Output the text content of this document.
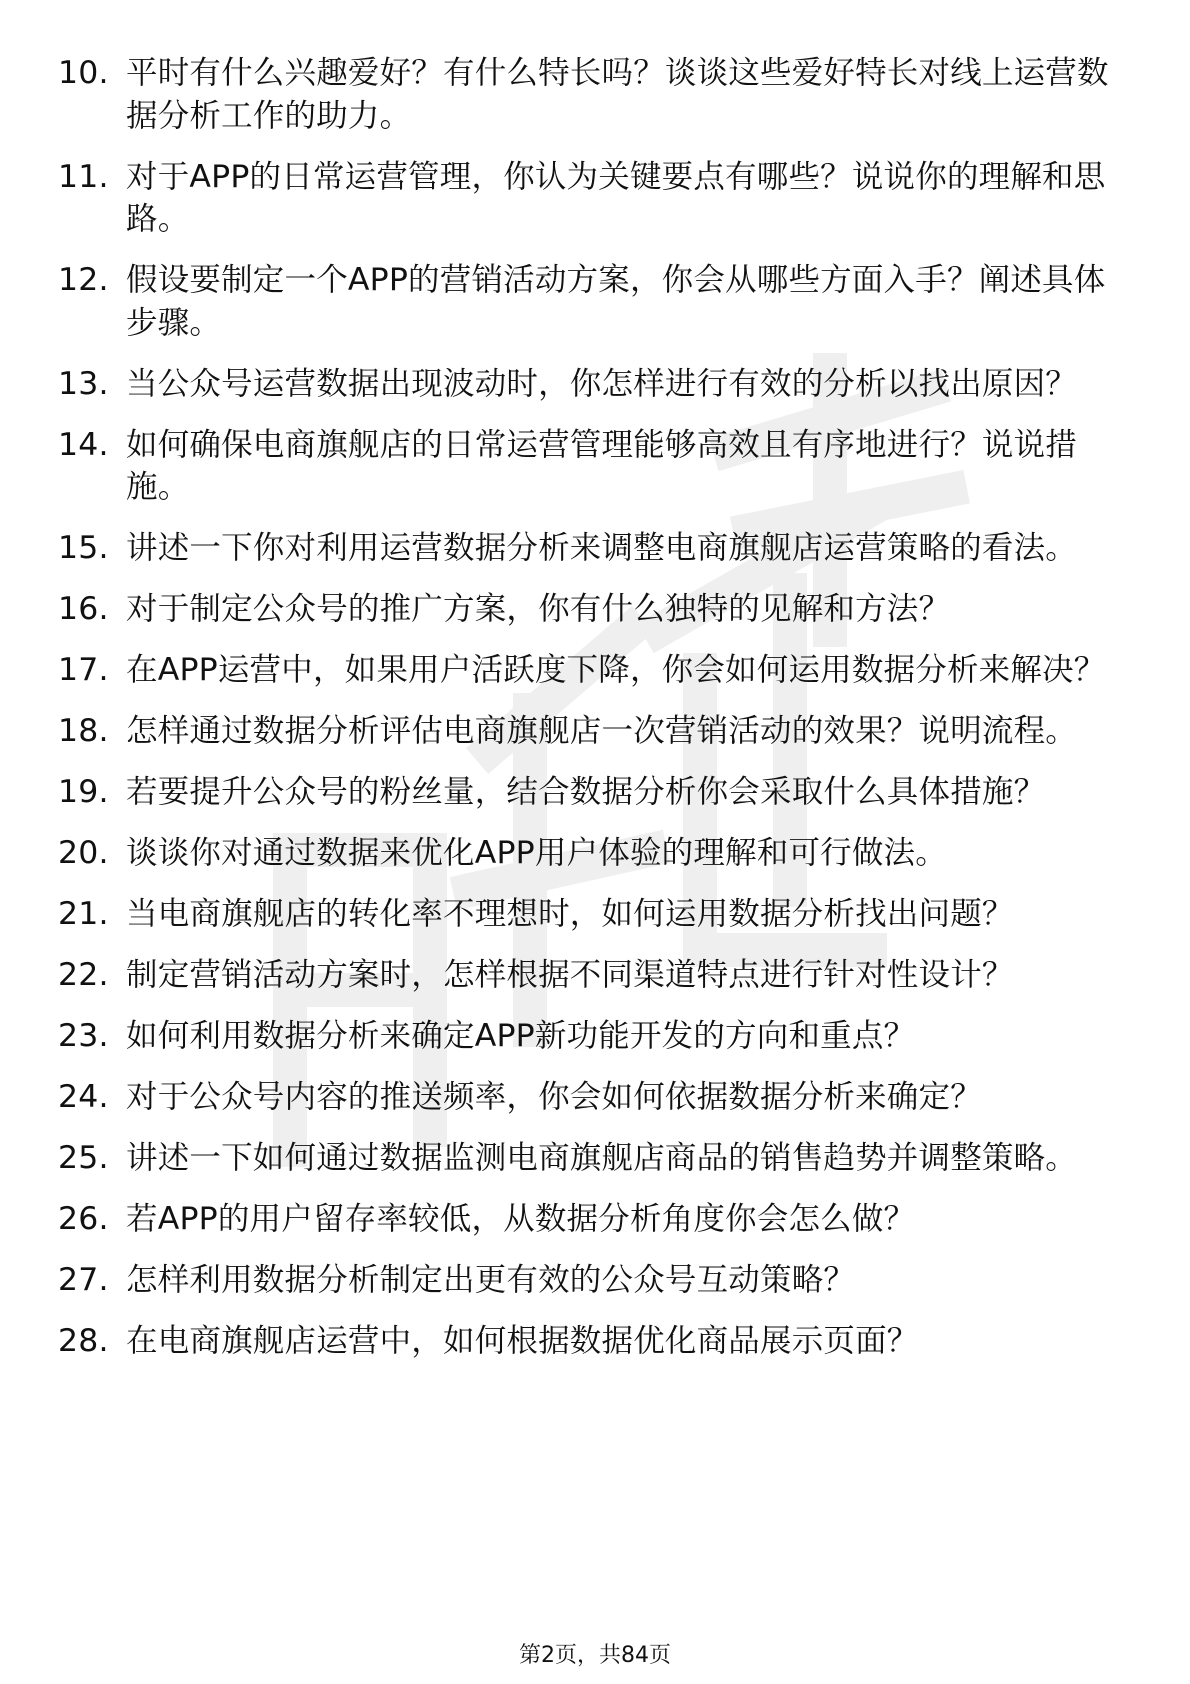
10. 平时有什么兴趣爱好？有什么特长吗？谈谈这些爱好特长对线上运营数据分析工作的助力。
11. 对于APP的日常运营管理，你认为关键要点有哪些？说说你的理解和思路。
12. 假设要制定一个APP的营销活动方案，你会从哪些方面入手？阐述具体步骤。
13. 当公众号运营数据出现波动时，你怎样进行有效的分析以找出原因？
14. 如何确保电商旗舰店的日常运营管理能够高效且有序地进行？说说措施。
15. 讲述一下你对利用运营数据分析来调整电商旗舰店运营策略的看法。
16. 对于制定公众号的推广方案，你有什么独特的见解和方法？
17. 在APP运营中，如果用户活跃度下降，你会如何运用数据分析来解决？
18. 怎样通过数据分析评估电商旗舰店一次营销活动的效果？说明流程。
19. 若要提升公众号的粉丝量，结合数据分析你会采取什么具体措施？
20. 谈谈你对通过数据来优化APP用户体验的理解和可行做法。
21. 当电商旗舰店的转化率不理想时，如何运用数据分析找出问题？
22. 制定营销活动方案时，怎样根据不同渠道特点进行针对性设计？
23. 如何利用数据分析来确定APP新功能开发的方向和重点？
24. 对于公众号内容的推送频率，你会如何依据数据分析来确定？
25. 讲述一下如何通过数据监测电商旗舰店商品的销售趋势并调整策略。
26. 若APP的用户留存率较低，从数据分析角度你会怎么做？
27. 怎样利用数据分析制定出更有效的公众号互动策略？
28. 在电商旗舰店运营中，如何根据数据优化商品展示页面？
第2页，共84页
